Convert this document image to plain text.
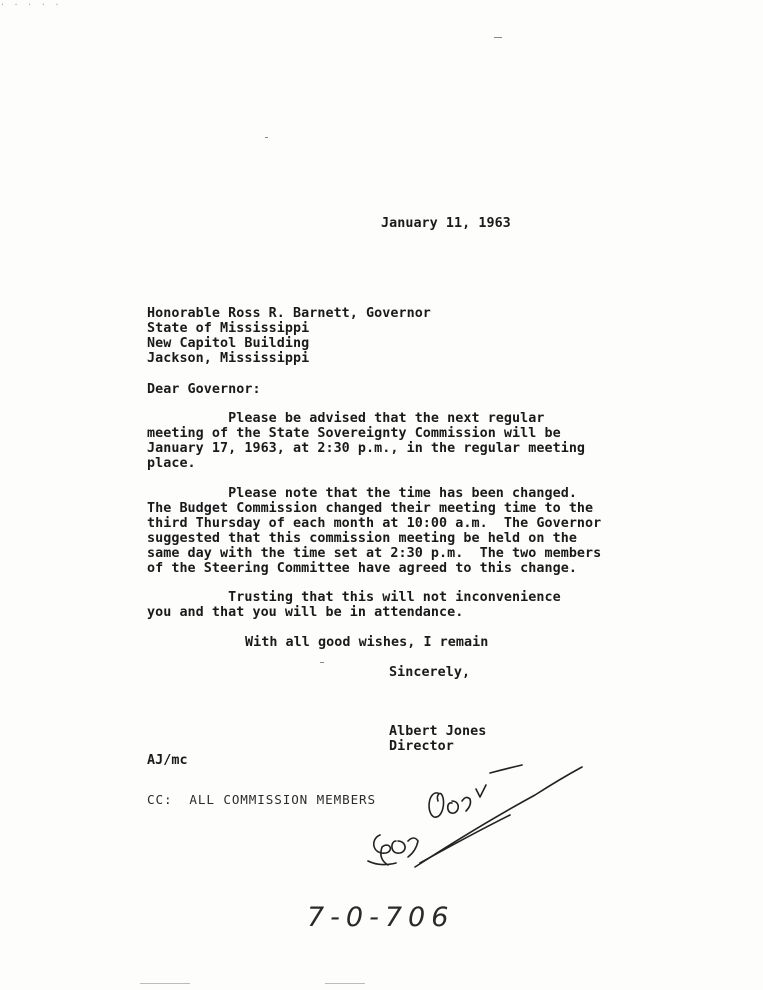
· · · · ·
January 11, 1963
Honorable Ross R. Barnett, Governor
State of Mississippi
New Capitol Building
Jackson, Mississippi
Dear Governor:
Please be advised that the next regular
meeting of the State Sovereignty Commission will be
January 17, 1963, at 2:30 p.m., in the regular meeting
place.
Please note that the time has been changed.
The Budget Commission changed their meeting time to the
third Thursday of each month at 10:00 a.m.  The Governor
suggested that this commission meeting be held on the
same day with the time set at 2:30 p.m.  The two members
of the Steering Committee have agreed to this change.
Trusting that this will not inconvenience
you and that you will be in attendance.
With all good wishes, I remain
Sincerely,
Albert Jones
Director
AJ/mc
CC:  ALL COMMISSION MEMBERS
7-0-706
